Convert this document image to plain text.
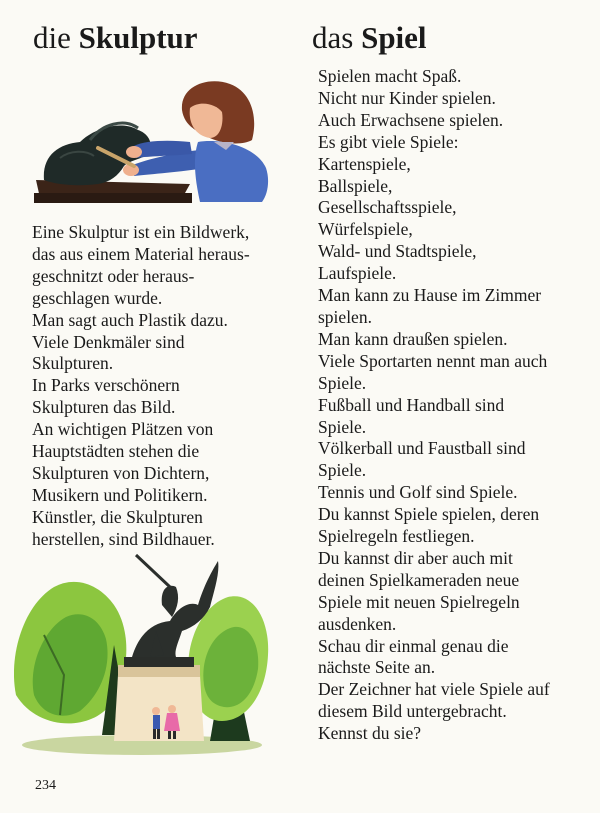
die Skulptur
Eine Skulptur ist ein Bildwerk,
das aus einem Material heraus-
geschnitzt oder heraus-
geschlagen wurde.
Man sagt auch Plastik dazu.
Viele Denkmäler sind
Skulpturen.
In Parks verschönern
Skulpturen das Bild.
An wichtigen Plätzen von
Hauptstädten stehen die
Skulpturen von Dichtern,
Musikern und Politikern.
Künstler, die Skulpturen
herstellen, sind Bildhauer.
das Spiel
Spielen macht Spaß.
Nicht nur Kinder spielen.
Auch Erwachsene spielen.
Es gibt viele Spiele:
Kartenspiele,
Ballspiele,
Gesellschaftsspiele,
Würfelspiele,
Wald- und Stadtspiele,
Laufspiele.
Man kann zu Hause im Zimmer
spielen.
Man kann draußen spielen.
Viele Sportarten nennt man auch
Spiele.
Fußball und Handball sind
Spiele.
Völkerball und Faustball sind
Spiele.
Tennis und Golf sind Spiele.
Du kannst Spiele spielen, deren
Spielregeln festliegen.
Du kannst dir aber auch mit
deinen Spielkameraden neue
Spiele mit neuen Spielregeln
ausdenken.
Schau dir einmal genau die
nächste Seite an.
Der Zeichner hat viele Spiele auf
diesem Bild untergebracht.
Kennst du sie?
234
